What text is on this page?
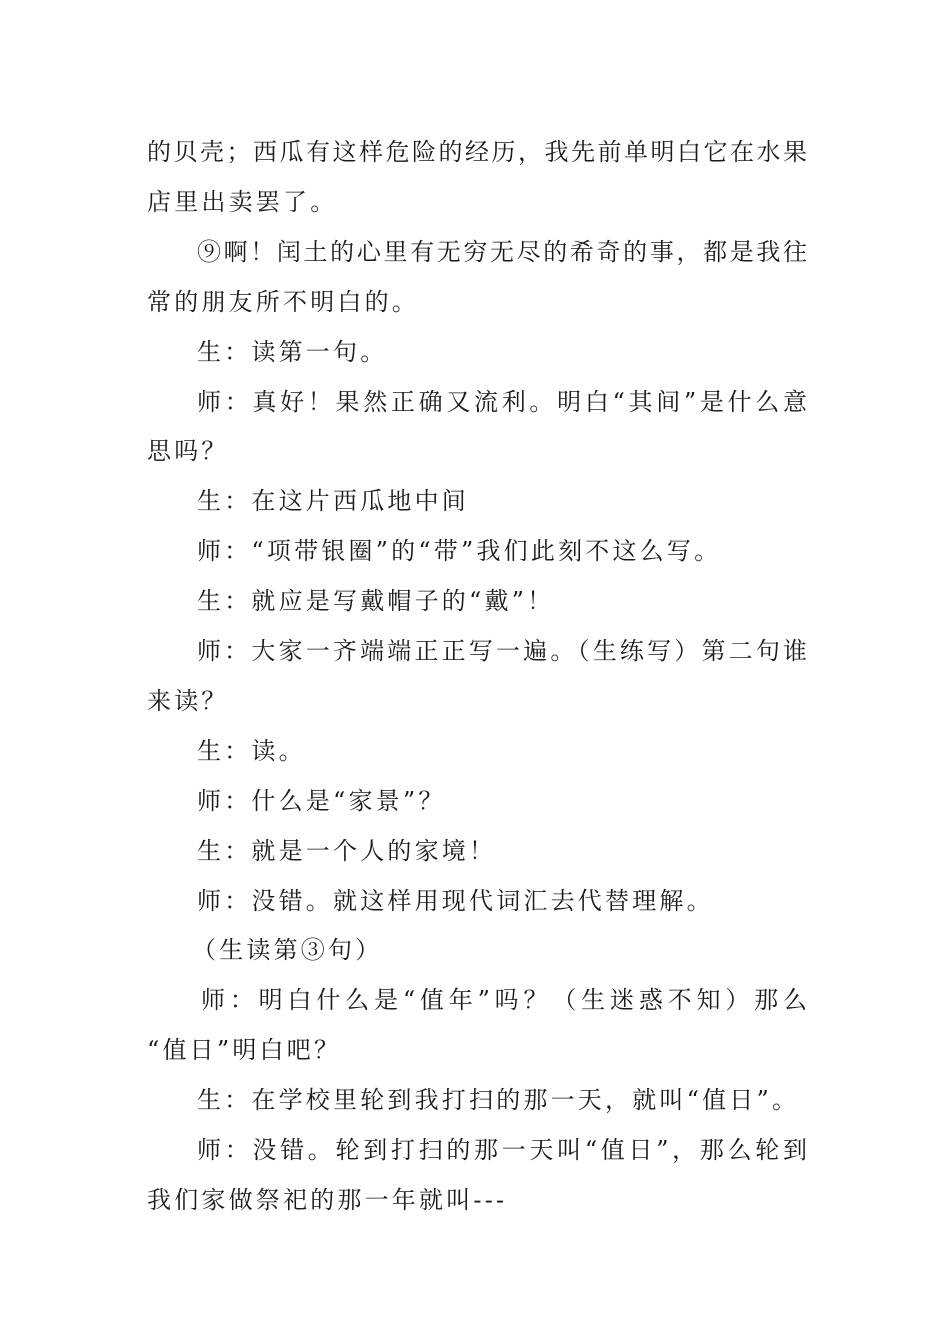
的贝壳；西瓜有这样危险的经历，我先前单明白它在水果
店里出卖罢了。
⑨啊！闰土的心里有无穷无尽的希奇的事，都是我往
常的朋友所不明白的。
生：读第一句。
师：真好！果然正确又流利。明白“其间”是什么意
思吗？
生：在这片西瓜地中间
师：“项带银圈”的“带”我们此刻不这么写。
生：就应是写戴帽子的“戴”！
师：大家一齐端端正正写一遍。（生练写）第二句谁
来读？
生：读。
师：什么是“家景”？
生：就是一个人的家境！
师：没错。就这样用现代词汇去代替理解。
（生读第③句）
师：明白什么是“值年”吗？（生迷惑不知）那么
“值日”明白吧？
生：在学校里轮到我打扫的那一天，就叫“值日”。
师：没错。轮到打扫的那一天叫“值日”，那么轮到
我们家做祭祀的那一年就叫---
